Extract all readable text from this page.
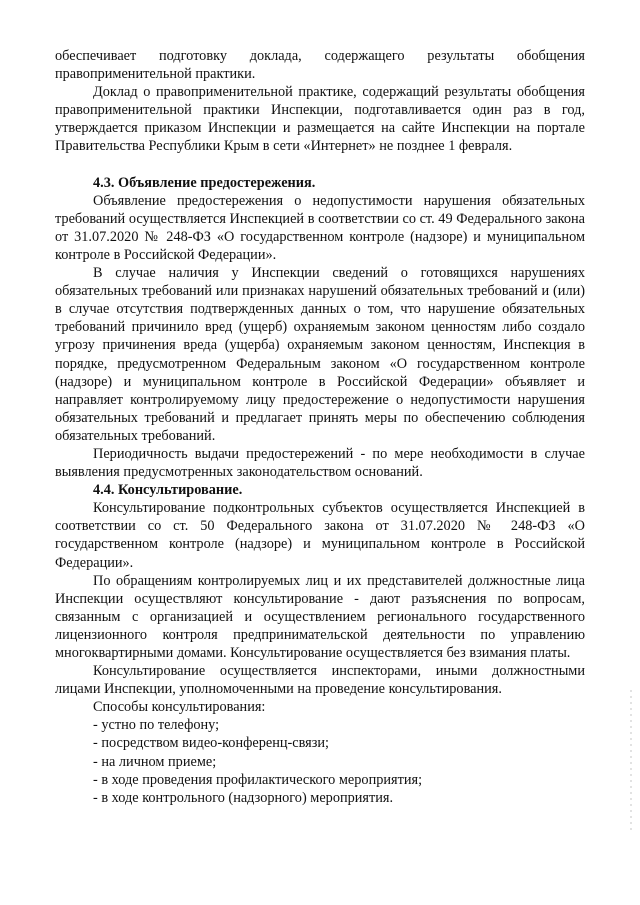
обеспечивает подготовку доклада, содержащего результаты обобщения правоприменительной практики.

Доклад о правоприменительной практике, содержащий результаты обобщения правоприменительной практики Инспекции, подготавливается один раз в год, утверждается приказом Инспекции и размещается на сайте Инспекции на портале Правительства Республики Крым в сети «Интернет» не позднее 1 февраля.

4.3. Объявление предостережения.

Объявление предостережения о недопустимости нарушения обязательных требований осуществляется Инспекцией в соответствии со ст. 49 Федерального закона от 31.07.2020 № 248-ФЗ «О государственном контроле (надзоре) и муниципальном контроле в Российской Федерации».

В случае наличия у Инспекции сведений о готовящихся нарушениях обязательных требований или признаках нарушений обязательных требований и (или) в случае отсутствия подтвержденных данных о том, что нарушение обязательных требований причинило вред (ущерб) охраняемым законом ценностям либо создало угрозу причинения вреда (ущерба) охраняемым законом ценностям, Инспекция в порядке, предусмотренном Федеральным законом «О государственном контроле (надзоре) и муниципальном контроле в Российской Федерации» объявляет и направляет контролируемому лицу предостережение о недопустимости нарушения обязательных требований и предлагает принять меры по обеспечению соблюдения обязательных требований.

Периодичность выдачи предостережений - по мере необходимости в случае выявления предусмотренных законодательством оснований.

4.4. Консультирование.

Консультирование подконтрольных субъектов осуществляется Инспекцией в соответствии со ст. 50 Федерального закона от 31.07.2020 № 248-ФЗ «О государственном контроле (надзоре) и муниципальном контроле в Российской Федерации».

По обращениям контролируемых лиц и их представителей должностные лица Инспекции осуществляют консультирование - дают разъяснения по вопросам, связанным с организацией и осуществлением регионального государственного лицензионного контроля предпринимательской деятельности по управлению многоквартирными домами. Консультирование осуществляется без взимания платы.

Консультирование осуществляется инспекторами, иными должностными лицами Инспекции, уполномоченными на проведение консультирования.

Способы консультирования:

- устно по телефону;

- посредством видео-конференц-связи;

- на личном приеме;

- в ходе проведения профилактического мероприятия;

- в ходе контрольного (надзорного) мероприятия.
